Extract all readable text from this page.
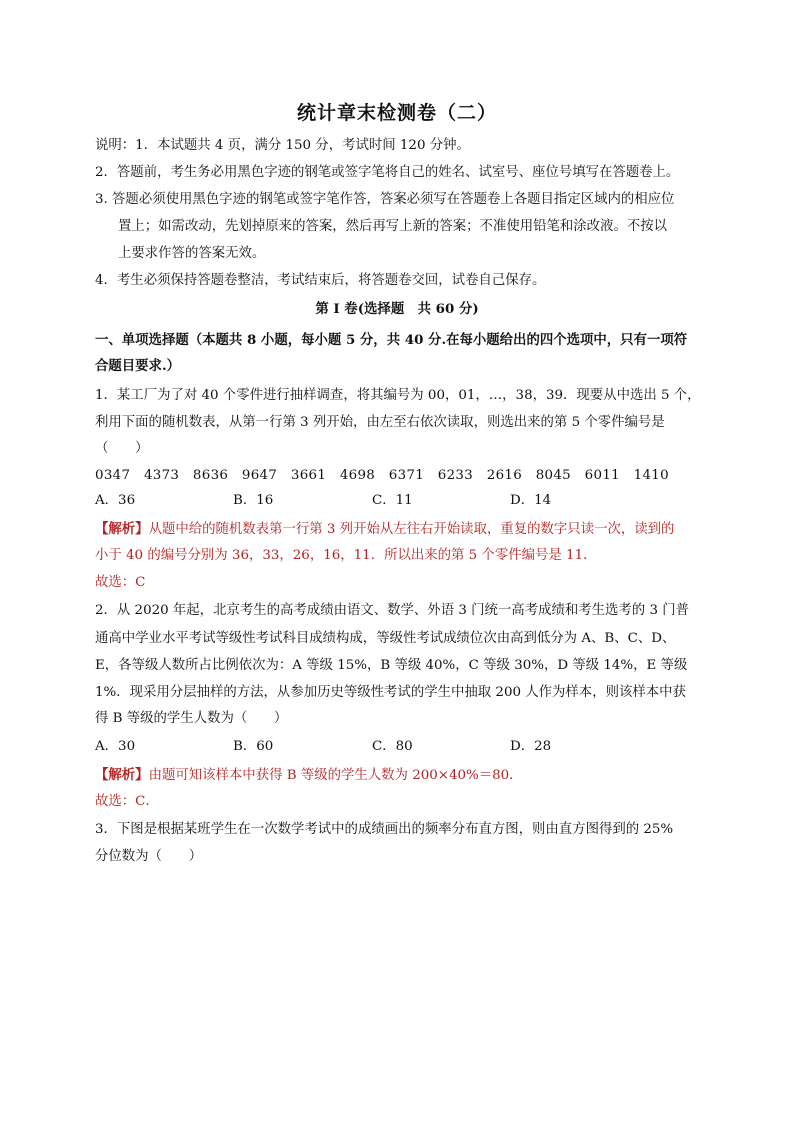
统计章末检测卷（二）
说明：1．本试题共 4 页，满分 150 分，考试时间 120 分钟。
2．答题前，考生务必用黑色字迹的钢笔或签字笔将自己的姓名、试室号、座位号填写在答题卷上。
3. 答题必须使用黑色字迹的钢笔或签字笔作答，答案必须写在答题卷上各题目指定区域内的相应位
置上；如需改动，先划掉原来的答案，然后再写上新的答案；不准使用铅笔和涂改液。不按以
上要求作答的答案无效。
4．考生必须保持答题卷整洁，考试结束后，将答题卷交回，试卷自己保存。
第 I 卷(选择题　共 60 分)
一、单项选择题（本题共 8 小题，每小题 5 分，共 40 分.在每小题给出的四个选项中，只有一项符
合题目要求.）
1．某工厂为了对 40 个零件进行抽样调查，将其编号为 00，01，…，38，39．现要从中选出 5 个，
利用下面的随机数表，从第一行第 3 列开始，由左至右依次读取，则选出来的第 5 个零件编号是
（　　）
0347　4373　8636　9647　3661　4698　6371　6233　2616　8045　6011　1410
A．36	B．16	C．11	D．14
【解析】从题中给的随机数表第一行第 3 列开始从左往右开始读取，重复的数字只读一次，读到的
小于 40 的编号分别为 36，33，26，16，11．所以出来的第 5 个零件编号是 11．
故选：C
2．从 2020 年起，北京考生的高考成绩由语文、数学、外语 3 门统一高考成绩和考生选考的 3 门普
通高中学业水平考试等级性考试科目成绩构成，等级性考试成绩位次由高到低分为 A、B、C、D、
E，各等级人数所占比例依次为：A 等级 15%，B 等级 40%，C 等级 30%，D 等级 14%，E 等级
1%．现采用分层抽样的方法，从参加历史等级性考试的学生中抽取 200 人作为样本，则该样本中获
得 B 等级的学生人数为（　　）
A．30	B．60	C．80	D．28
【解析】由题可知该样本中获得 B 等级的学生人数为 200×40%＝80．
故选：C．
3．下图是根据某班学生在一次数学考试中的成绩画出的频率分布直方图，则由直方图得到的 25%
分位数为（　　）
